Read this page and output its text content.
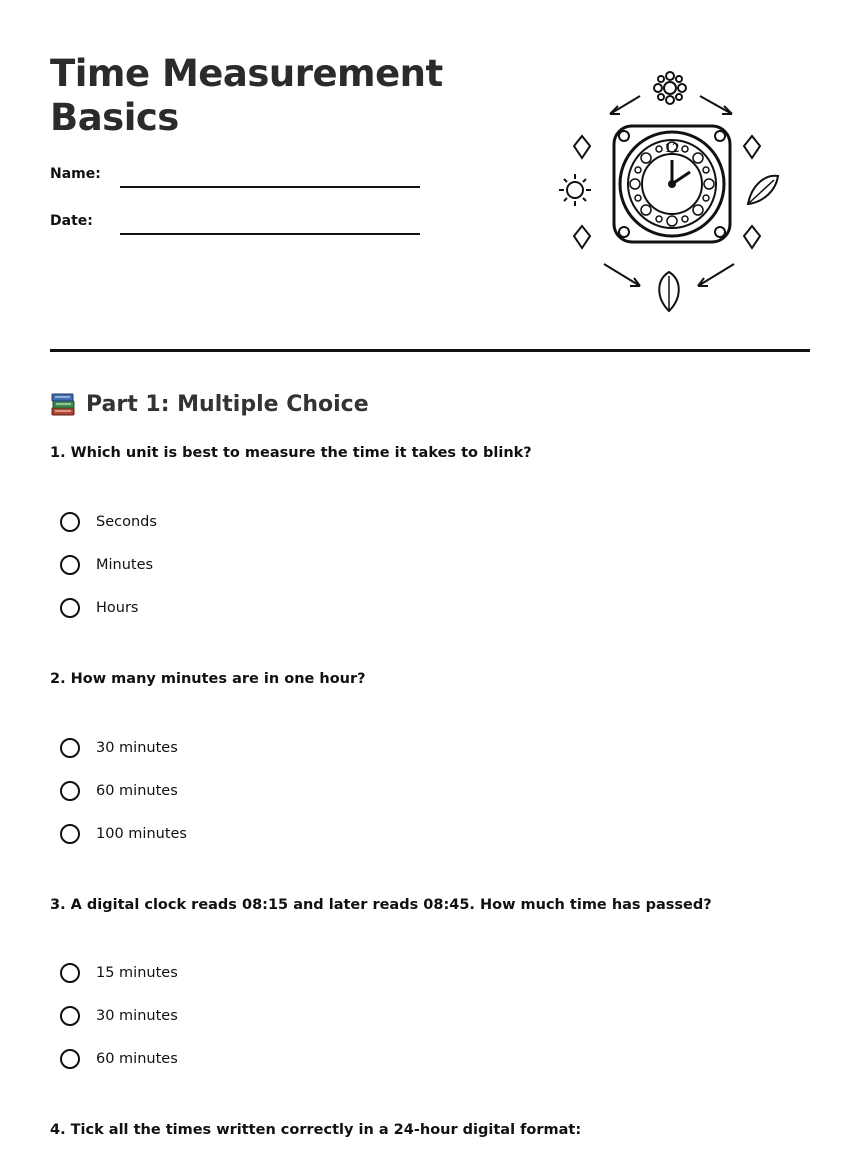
Time Measurement
Basics
Name:
Date:
12
Part 1: Multiple Choice
1. Which unit is best to measure the time it takes to blink?
Seconds
Minutes
Hours
2. How many minutes are in one hour?
30 minutes
60 minutes
100 minutes
3. A digital clock reads 08:15 and later reads 08:45. How much time has passed?
15 minutes
30 minutes
60 minutes
4. Tick all the times written correctly in a 24-hour digital format:
